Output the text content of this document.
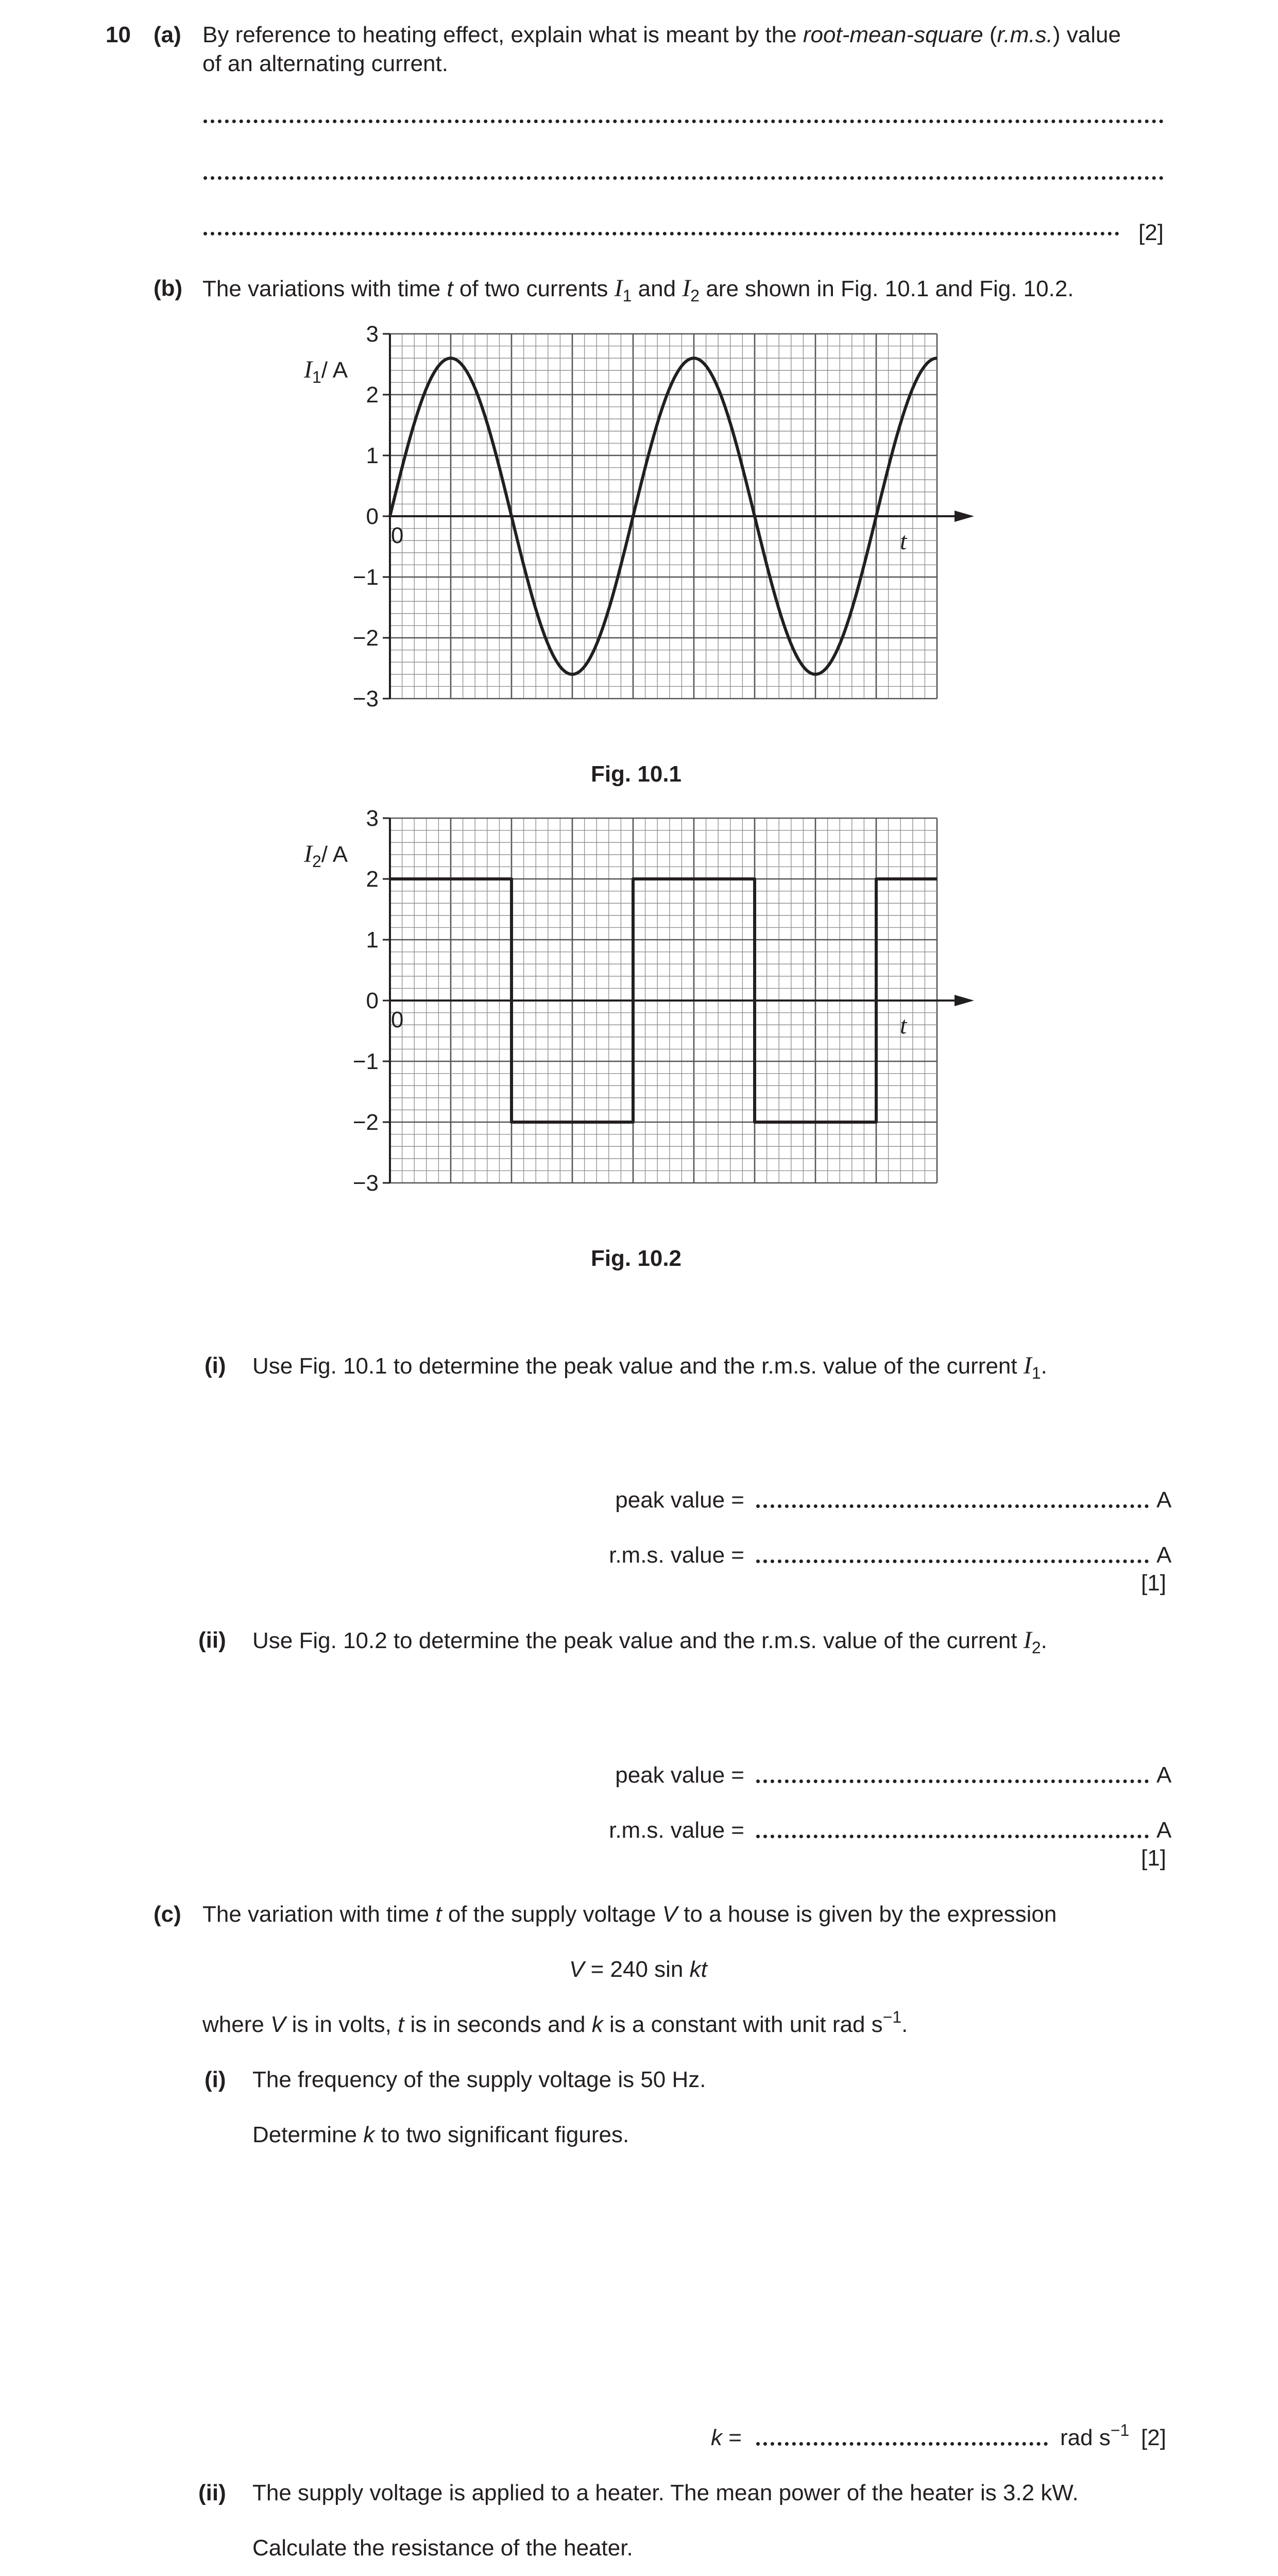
10 (a) By reference to heating effect, explain what is meant by the root-mean-square (r.m.s.) value
of an alternating current.
[2]
(b) The variations with time t of two currents $I_1$ and $I_2$ are shown in Fig. 10.1 and Fig. 10.2.
3
2
1
0
−1
−2
−3
0	t
$I_1/$ A
Fig. 10.1
3
2
1
0
−1
−2
−3
0	t
$I_2/$ A
Fig. 10.2
(i) Use Fig. 10.1 to determine the peak value and the r.m.s. value of the current $I_1$.
peak value =	A
r.m.s. value =	A
[1]
(ii) Use Fig. 10.2 to determine the peak value and the r.m.s. value of the current $I_2$.
peak value =	A
r.m.s. value =	A
[1]
(c) The variation with time t of the supply voltage V to a house is given by the expression
V = 240 sin kt
where V is in volts, t is in seconds and k is a constant with unit rad $s^{-1}$.
(i) The frequency of the supply voltage is 50 Hz.
Determine k to two significant figures.
k =	rad $s^{-1}$ [2]
(ii) The supply voltage is applied to a heater. The mean power of the heater is 3.2 kW.
Calculate the resistance of the heater.
